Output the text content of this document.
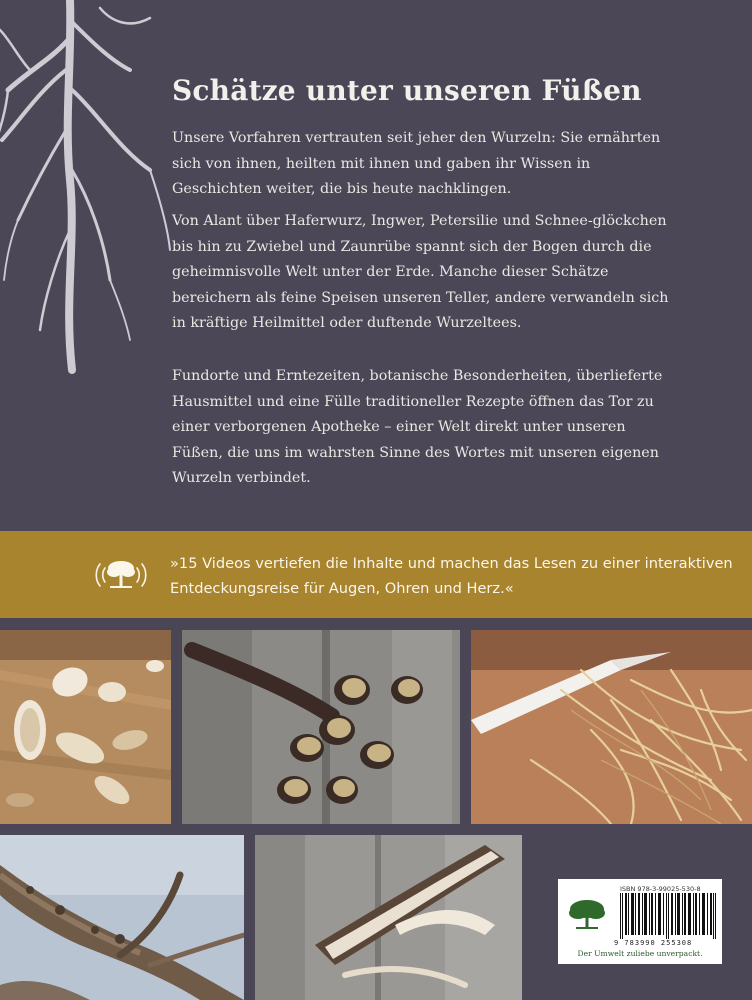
Schätze unter unseren Füßen

Unsere Vorfahren vertrauten seit jeher den Wurzeln: Sie ernährten sich von ihnen, heilten mit ihnen und gaben ihr Wissen in Geschichten weiter, die bis heute nachklingen.

Von Alant über Haferwurz, Ingwer, Petersilie und Schnee-glöckchen bis hin zu Zwiebel und Zaunrübe spannt sich der Bogen durch die geheimnisvolle Welt unter der Erde. Manche dieser Schätze bereichern als feine Speisen unseren Teller, andere verwandeln sich in kräftige Heilmittel oder duftende Wurzeltees.

Fundorte und Erntezeiten, botanische Besonderheiten, überlieferte Hausmittel und eine Fülle traditioneller Rezepte öffnen das Tor zu einer verborgenen Apotheke – einer Welt direkt unter unseren Füßen, die uns im wahrsten Sinne des Wortes mit unseren eigenen Wurzeln verbindet.

»15 Videos vertiefen die Inhalte und machen das Lesen zu einer interaktiven Entdeckungsreise für Augen, Ohren und Herz.«

ISBN 978-3-99025-530-8
9 783990 255308
Der Umwelt zuliebe unverpackt.
